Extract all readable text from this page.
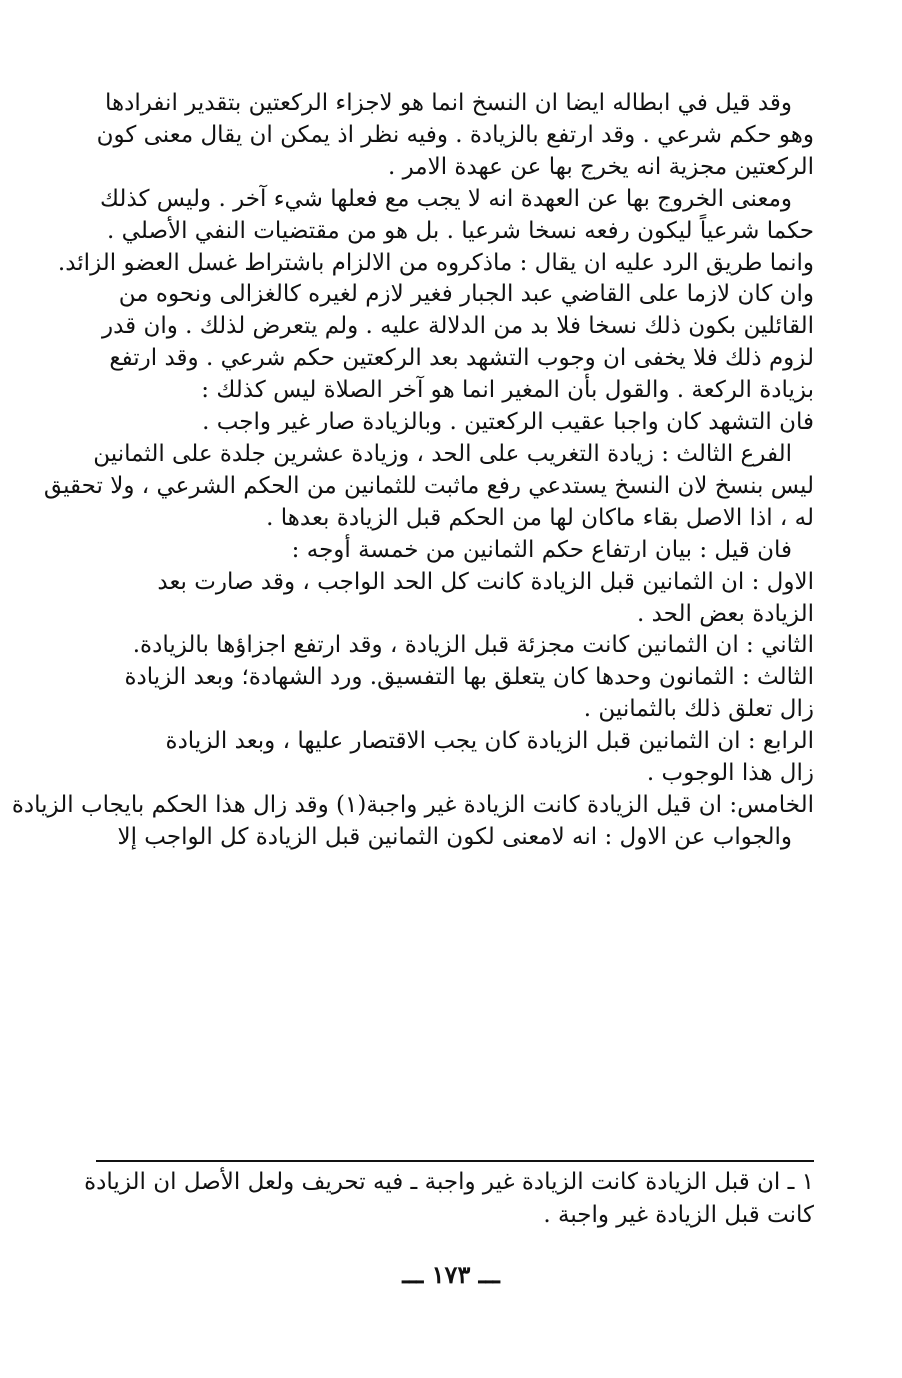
وقد قيل في ابطاله ايضا ان النسخ انما هو لاجزاء الركعتين بتقدير انفرادها
وهو حكم شرعي . وقد ارتفع بالزيادة . وفيه نظر اذ يمكن ان يقال معنى كون
الركعتين مجزية انه يخرج بها عن عهدة الامر .
ومعنى الخروج بها عن العهدة انه لا يجب مع فعلها شيء آخر . وليس كذلك
حكما شرعياً ليكون رفعه نسخا شرعيا . بل هو من مقتضيات النفي الأصلي .
وانما طريق الرد عليه ان يقال : ماذكروه من الالزام باشتراط غسل العضو الزائد.
وان كان لازما على القاضي عبد الجبار فغير لازم لغيره كالغزالى ونحوه من
القائلين بكون ذلك نسخا فلا بد من الدلالة عليه . ولم يتعرض لذلك . وان قدر
لزوم ذلك فلا يخفى ان وجوب التشهد بعد الركعتين حكم شرعي . وقد ارتفع
بزيادة الركعة . والقول بأن المغير انما هو آخر الصلاة ليس كذلك :
فان التشهد كان واجبا عقيب الركعتين . وبالزيادة صار غير واجب .
الفرع الثالث : زيادة التغريب على الحد ، وزيادة عشرين جلدة على الثمانين
ليس بنسخ لان النسخ يستدعي رفع ماثبت للثمانين من الحكم الشرعي ، ولا تحقيق
له ، اذا الاصل بقاء ماكان لها من الحكم قبل الزيادة بعدها .
فان قيل : بيان ارتفاع حكم الثمانين من خمسة أوجه :
الاول : ان الثمانين قبل الزيادة كانت كل الحد الواجب ، وقد صارت بعد
الزيادة بعض الحد .
الثاني : ان الثمانين كانت مجزئة قبل الزيادة ، وقد ارتفع اجزاؤها بالزيادة.
الثالث : الثمانون وحدها كان يتعلق بها التفسيق. ورد الشهادة؛ وبعد الزيادة
زال تعلق ذلك بالثمانين .
الرابع : ان الثمانين قبل الزيادة كان يجب الاقتصار عليها ، وبعد الزيادة
زال هذا الوجوب .
الخامس: ان قيل الزيادة كانت الزيادة غير واجبة(١) وقد زال هذا الحكم بايجاب الزيادة
والجواب عن الاول : انه لامعنى لكون الثمانين قبل الزيادة كل الواجب إلا
١ ـ ان قبل الزيادة كانت الزيادة غير واجبة ـ فيه تحريف ولعل الأصل ان الزيادة
كانت قبل الزيادة غير واجبة .
ـــ ١٧٣ ـــ
